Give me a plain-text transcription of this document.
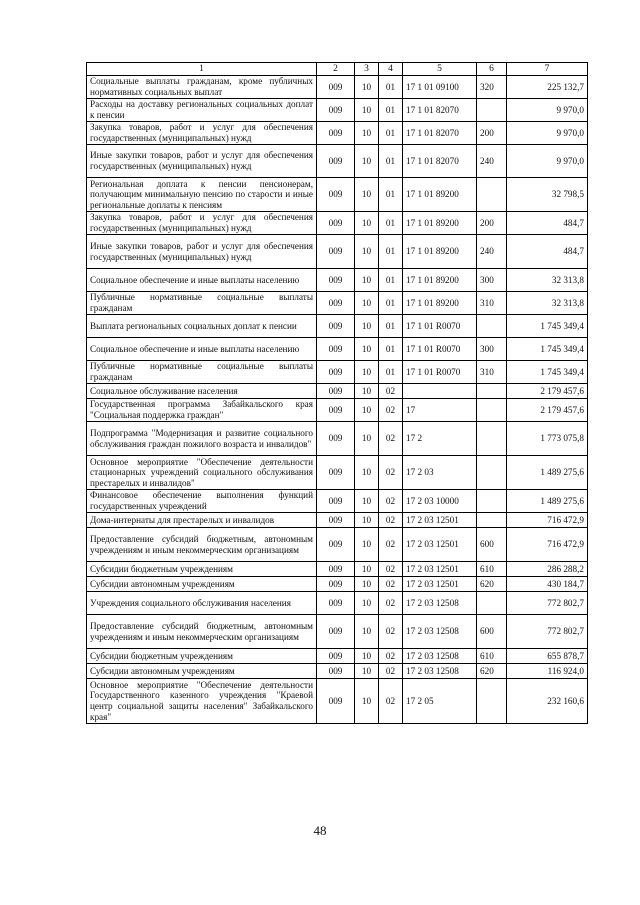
1	2	3	4	5	6	7
Социальные выплаты гражданам, кроме публичных нормативных социальных выплат	009	10	01	17 1 01 09100	320	225 132,7
Расходы на доставку региональных социальных доплат к пенсии	009	10	01	17 1 01 82070		9 970,0
Закупка товаров, работ и услуг для обеспечения государственных (муниципальных) нужд	009	10	01	17 1 01 82070	200	9 970,0
Иные закупки товаров, работ и услуг для обеспечения государственных (муниципальных) нужд	009	10	01	17 1 01 82070	240	9 970,0
Региональная доплата к пенсии пенсионерам, получающим минимальную пенсию по старости и иные региональные доплаты к пенсиям	009	10	01	17 1 01 89200		32 798,5
Закупка товаров, работ и услуг для обеспечения государственных (муниципальных) нужд	009	10	01	17 1 01 89200	200	484,7
Иные закупки товаров, работ и услуг для обеспечения государственных (муниципальных) нужд	009	10	01	17 1 01 89200	240	484,7
Социальное обеспечение и иные выплаты населению	009	10	01	17 1 01 89200	300	32 313,8
Публичные нормативные социальные выплаты гражданам	009	10	01	17 1 01 89200	310	32 313,8
Выплата региональных социальных доплат к пенсии	009	10	01	17 1 01 R0070		1 745 349,4
Социальное обеспечение и иные выплаты населению	009	10	01	17 1 01 R0070	300	1 745 349,4
Публичные нормативные социальные выплаты гражданам	009	10	01	17 1 01 R0070	310	1 745 349,4
Социальное обслуживание населения	009	10	02			2 179 457,6
Государственная программа Забайкальского края "Социальная поддержка граждан"	009	10	02	17		2 179 457,6
Подпрограмма "Модернизация и развитие социального обслуживания граждан пожилого возраста и инвалидов"	009	10	02	17 2		1 773 075,8
Основное мероприятие "Обеспечение деятельности стационарных учреждений социального обслуживания престарелых и инвалидов"	009	10	02	17 2 03		1 489 275,6
Финансовое обеспечение выполнения функций государственных учреждений	009	10	02	17 2 03 10000		1 489 275,6
Дома-интернаты для престарелых и инвалидов	009	10	02	17 2 03 12501		716 472,9
Предоставление субсидий бюджетным, автономным учреждениям и иным некоммерческим организациям	009	10	02	17 2 03 12501	600	716 472,9
Субсидии бюджетным учреждениям	009	10	02	17 2 03 12501	610	286 288,2
Субсидии автономным учреждениям	009	10	02	17 2 03 12501	620	430 184,7
Учреждения социального обслуживания населения	009	10	02	17 2 03 12508		772 802,7
Предоставление субсидий бюджетным, автономным учреждениям и иным некоммерческим организациям	009	10	02	17 2 03 12508	600	772 802,7
Субсидии бюджетным учреждениям	009	10	02	17 2 03 12508	610	655 878,7
Субсидии автономным учреждениям	009	10	02	17 2 03 12508	620	116 924,0
Основное мероприятие "Обеспечение деятельности Государственного казенного учреждения "Краевой центр социальной защиты населения" Забайкальского края"	009	10	02	17 2 05		232 160,6
48
